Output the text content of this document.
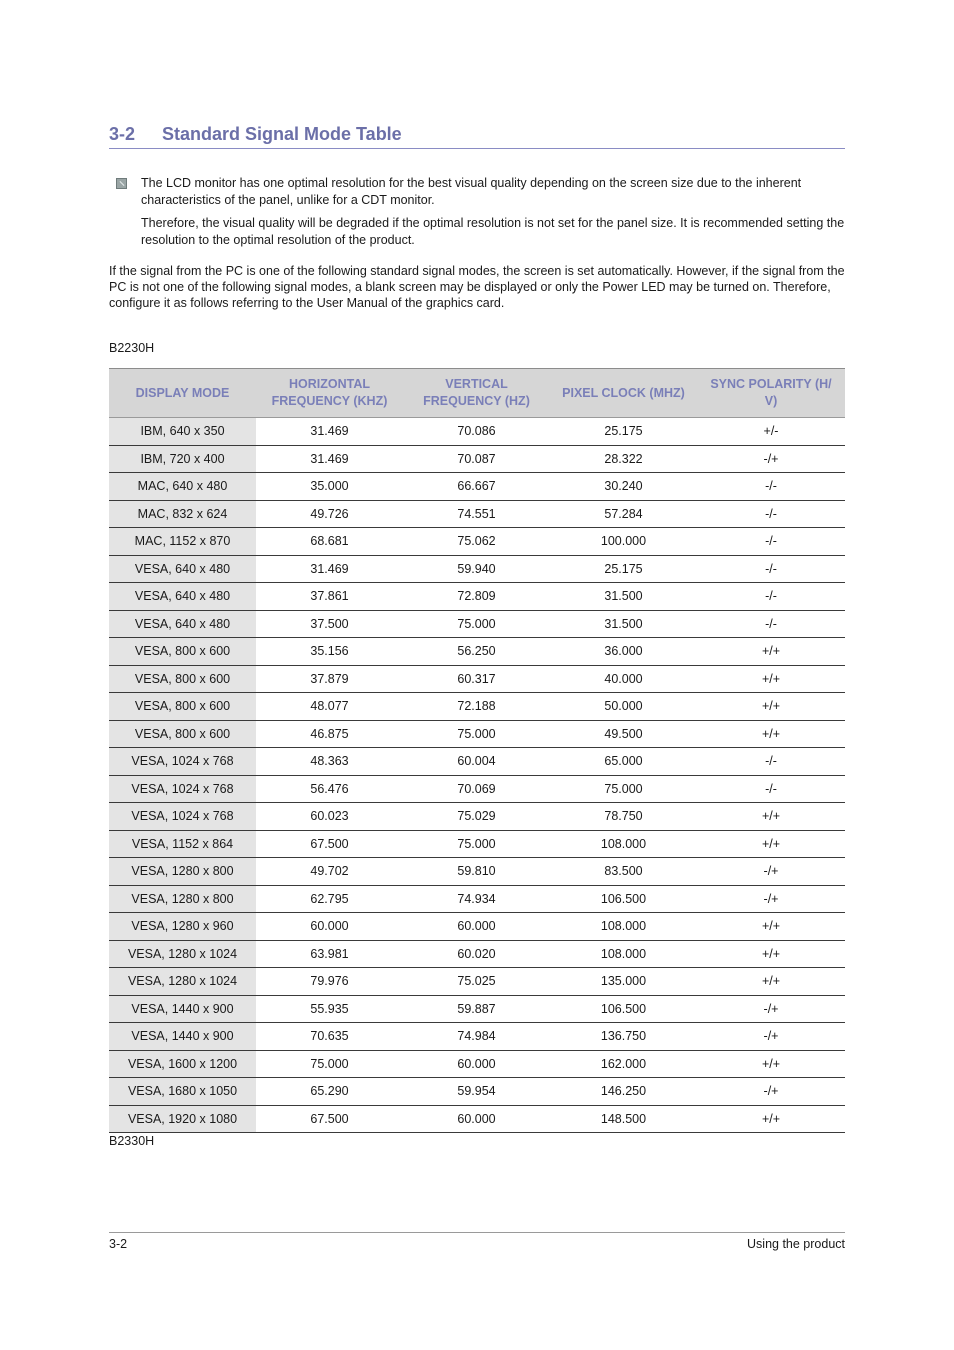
3-2 Standard Signal Mode Table
The LCD monitor has one optimal resolution for the best visual quality depending on the screen size due to the inherent characteristics of the panel, unlike for a CDT monitor.
Therefore, the visual quality will be degraded if the optimal resolution is not set for the panel size. It is recommended setting the resolution to the optimal resolution of the product.
If the signal from the PC is one of the following standard signal modes, the screen is set automatically. However, if the signal from the PC is not one of the following signal modes, a blank screen may be displayed or only the Power LED may be turned on. Therefore, configure it as follows referring to the User Manual of the graphics card.
B2230H
DISPLAY MODE	HORIZONTAL FREQUENCY (KHZ)	VERTICAL FREQUENCY (HZ)	PIXEL CLOCK (MHZ)	SYNC POLARITY (H/ V)
IBM, 640 x 350	31.469	70.086	25.175	+/-
IBM, 720 x 400	31.469	70.087	28.322	-/+
MAC, 640 x 480	35.000	66.667	30.240	-/-
MAC, 832 x 624	49.726	74.551	57.284	-/-
MAC, 1152 x 870	68.681	75.062	100.000	-/-
VESA, 640 x 480	31.469	59.940	25.175	-/-
VESA, 640 x 480	37.861	72.809	31.500	-/-
VESA, 640 x 480	37.500	75.000	31.500	-/-
VESA, 800 x 600	35.156	56.250	36.000	+/+
VESA, 800 x 600	37.879	60.317	40.000	+/+
VESA, 800 x 600	48.077	72.188	50.000	+/+
VESA, 800 x 600	46.875	75.000	49.500	+/+
VESA, 1024 x 768	48.363	60.004	65.000	-/-
VESA, 1024 x 768	56.476	70.069	75.000	-/-
VESA, 1024 x 768	60.023	75.029	78.750	+/+
VESA, 1152 x 864	67.500	75.000	108.000	+/+
VESA, 1280 x 800	49.702	59.810	83.500	-/+
VESA, 1280 x 800	62.795	74.934	106.500	-/+
VESA, 1280 x 960	60.000	60.000	108.000	+/+
VESA, 1280 x 1024	63.981	60.020	108.000	+/+
VESA, 1280 x 1024	79.976	75.025	135.000	+/+
VESA, 1440 x 900	55.935	59.887	106.500	-/+
VESA, 1440 x 900	70.635	74.984	136.750	-/+
VESA, 1600 x 1200	75.000	60.000	162.000	+/+
VESA, 1680 x 1050	65.290	59.954	146.250	-/+
VESA, 1920 x 1080	67.500	60.000	148.500	+/+
B2330H
3-2	Using the product
